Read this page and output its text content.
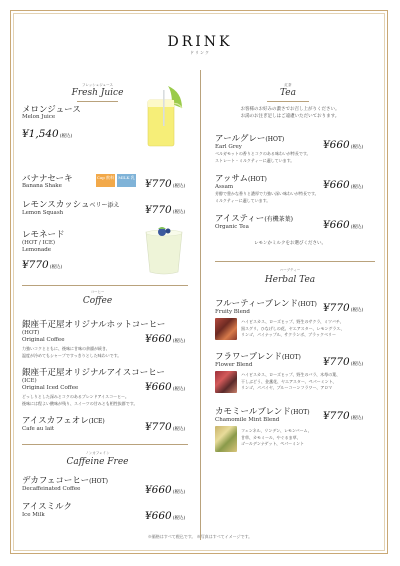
DRINK
ドリンク
フレッシュジュース
Fresh Juice
メロンジュース
Melon Juice
¥1,540(税込)
バナナセーキ
Banana Shake
Cap 飲料	MILK 乳
¥770(税込)
レモンスカッシュベリー添え
Lemon Squash	¥770(税込)
レモネード
(HOT / ICE)
Lemonade
¥770(税込)
コーヒー
Coffee
銀座千疋屋オリジナルホットコーヒー
(HOT)
Original Coffee	¥660(税込)
力強いコクとともに、後味に甘味の余韻が続き、
温度が冷めてもシャープですっきりとした味わいです。
銀座千疋屋オリジナルアイスコーヒー
(ICE)
Original Iced Coffee	¥660(税込)
どっしりとした深みとコクのあるブレンドアイスコーヒー。
後味には程よい酸味が残り、スイーツの甘みとも相性抜群です。
アイスカフェオレ(ICE)
Cafe au lait	¥770(税込)
ノンカフェイン
Caffeine Free
デカフェコーヒー(HOT)
Decaffeinated Coffee	¥660(税込)
アイスミルク
Ice Milk	¥660(税込)
紅茶
Tea
お客様のお好みの濃さでお召し上がりください。
お湯のお注ぎ足しはご遠慮いただいております。
アールグレー(HOT)
Earl Grey	¥660(税込)
ベルガモットの香りとコクのある味わいが特長です。
ストレート・ミルクティーに適しています。
アッサム(HOT)
Assam	¥660(税込)
芳醇で豊かな香りと濃厚で力強い深い味わいが特長です。
ミルクティーに適しています。
アイスティー(有機茶葉)
Organic Tea	¥660(税込)
レモンかミルクをお選びください。
ハーブティー
Herbal Tea
フルーティーブレンド(HOT)
Fruity Blend	¥770(税込)
ハイビスカス、ローズヒップ、野生のサクラ、ミツバチ、
黒スグリ、ひなげしの花、ヤエアスター、レモングラス、
リンゴ、パイナップル、サクランボ、ブラックベリー
フラワーブレンド(HOT)
Flower Blend	¥770(税込)
ハイビスカス、ローズヒップ、野生のバラ、木苺の葉、
干しぶどう、金盞花、ヤエアスター、ペパーミント、
リンゴ、パパイヤ、ブルーコーンフラワー、アロマ
カモミールブレンド(HOT)
Chamomile Mint Blend	¥770(税込)
フェンネル、リンデン、レモンバーム、
甘草、カモミール、やぐるま草、
ゴールデンナゲット、ペパーミント
※価格はすべて税込です。 ※写真はすべてイメージです。
